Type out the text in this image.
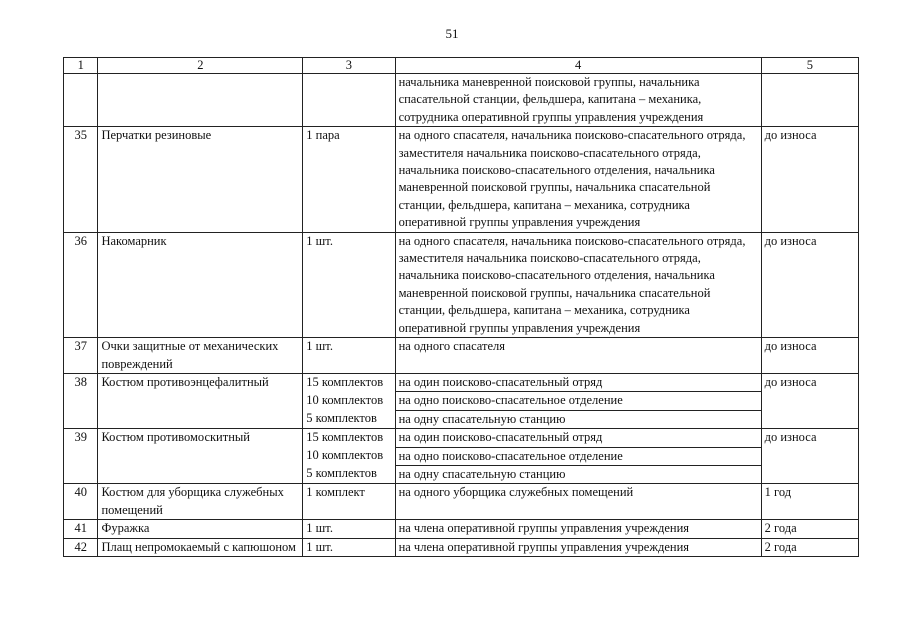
51
1	2	3	4	5
			начальника маневренной поисковой группы, начальника спасательной станции, фельдшера, капитана – механика, сотрудника оперативной группы управления учреждения	
35	Перчатки резиновые	1 пара	на одного спасателя, начальника поисково-спасательного отряда, заместителя начальника поисково-спасательного отряда, начальника поисково-спасательного отделения, начальника маневренной поисковой группы, начальника спасательной станции, фельдшера, капитана – механика, сотрудника оперативной группы управления учреждения	до износа
36	Накомарник	1 шт.	на одного спасателя, начальника поисково-спасательного отряда, заместителя начальника поисково-спасательного отряда, начальника поисково-спасательного отделения, начальника маневренной поисковой группы, начальника спасательной станции, фельдшера, капитана – механика, сотрудника оперативной группы управления учреждения	до износа
37	Очки защитные от механических повреждений	1 шт.	на одного спасателя	до износа
38	Костюм противоэнцефалитный	15 комплектов	на один поисково-спасательный отряд	до износа
		10 комплектов	на одно поисково-спасательное отделение	
		5 комплектов	на одну спасательную станцию	
39	Костюм противомоскитный	15 комплектов	на один поисково-спасательный отряд	до износа
		10 комплектов	на одно поисково-спасательное отделение	
		5 комплектов	на одну спасательную станцию	
40	Костюм для уборщика служебных помещений	1 комплект	на одного уборщика служебных помещений	1 год
41	Фуражка	1 шт.	на члена оперативной группы управления учреждения	2 года
42	Плащ непромокаемый с капюшоном	1 шт.	на члена оперативной группы управления учреждения	2 года
